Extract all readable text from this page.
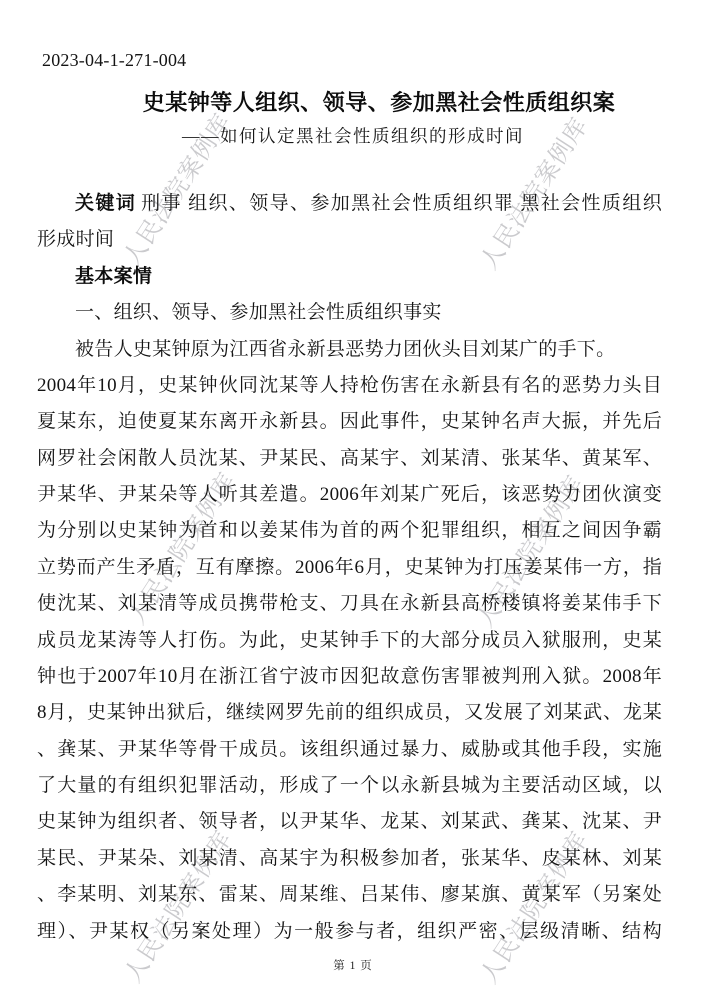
人民法院案例库	人民法院案例库
人民法院案例库	人民法院案例库
人民法院案例库	人民法院案例库
2023-04-1-271-004
史某钟等人组织、领导、参加黑社会性质组织案
——如何认定黑社会性质组织的形成时间
关键词 刑事 组织、领导、参加黑社会性质组织罪 黑社会性质组织
形成时间
基本案情
一、组织、领导、参加黑社会性质组织事实
被告人史某钟原为江西省永新县恶势力团伙头目刘某广的手下。
2004年10月，史某钟伙同沈某等人持枪伤害在永新县有名的恶势力头目
夏某东，迫使夏某东离开永新县。因此事件，史某钟名声大振，并先后
网罗社会闲散人员沈某、尹某民、高某宇、刘某清、张某华、黄某军、
尹某华、尹某朵等人听其差遣。2006年刘某广死后，该恶势力团伙演变
为分别以史某钟为首和以姜某伟为首的两个犯罪组织，相互之间因争霸
立势而产生矛盾，互有摩擦。2006年6月，史某钟为打压姜某伟一方，指
使沈某、刘某清等成员携带枪支、刀具在永新县高桥楼镇将姜某伟手下
成员龙某涛等人打伤。为此，史某钟手下的大部分成员入狱服刑，史某
钟也于2007年10月在浙江省宁波市因犯故意伤害罪被判刑入狱。2008年
8月，史某钟出狱后，继续网罗先前的组织成员，又发展了刘某武、龙某
、龚某、尹某华等骨干成员。该组织通过暴力、威胁或其他手段，实施
了大量的有组织犯罪活动，形成了一个以永新县城为主要活动区域，以
史某钟为组织者、领导者，以尹某华、龙某、刘某武、龚某、沈某、尹
某民、尹某朵、刘某清、高某宇为积极参加者，张某华、皮某林、刘某
、李某明、刘某东、雷某、周某维、吕某伟、廖某旗、黄某军（另案处
理）、尹某权（另案处理）为一般参与者，组织严密、层级清晰、结构
第 1 页
